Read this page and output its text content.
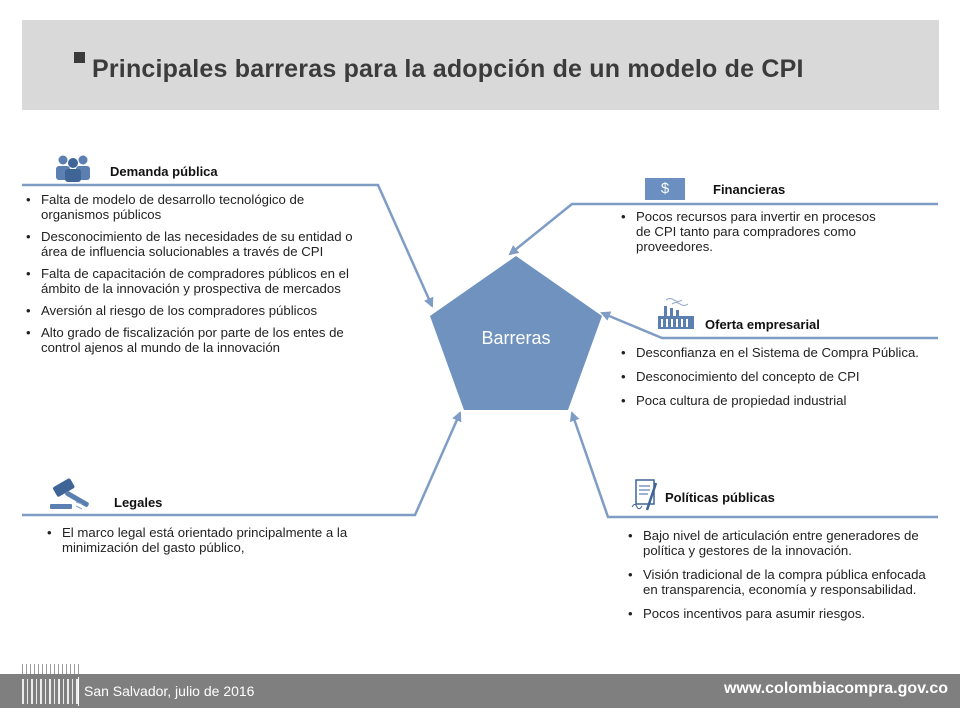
Principales barreras para la adopción de un modelo de CPI
Demanda pública
• Falta de modelo de desarrollo tecnológico de organismos públicos
• Desconocimiento de las necesidades de su entidad o área de influencia solucionables a través de CPI
• Falta de capacitación de compradores públicos en el ámbito de la innovación y prospectiva de mercados
• Aversión al riesgo de los compradores públicos
• Alto grado de fiscalización por parte de los entes de control ajenos al mundo de la innovación
$	Financieras
• Pocos recursos para invertir en procesos de CPI tanto para compradores como proveedores.
Oferta empresarial
• Desconfianza en el Sistema de Compra Pública.
• Desconocimiento del concepto de CPI
• Poca cultura de propiedad industrial
Legales
• El marco legal está orientado principalmente a la minimización del gasto público,
Políticas públicas
• Bajo nivel de articulación entre generadores de política y gestores de la innovación.
• Visión tradicional de la compra pública enfocada en transparencia, economía y responsabilidad.
• Pocos incentivos para asumir riesgos.
Barreras
San Salvador, julio de 2016	www.colombiacompra.gov.co
